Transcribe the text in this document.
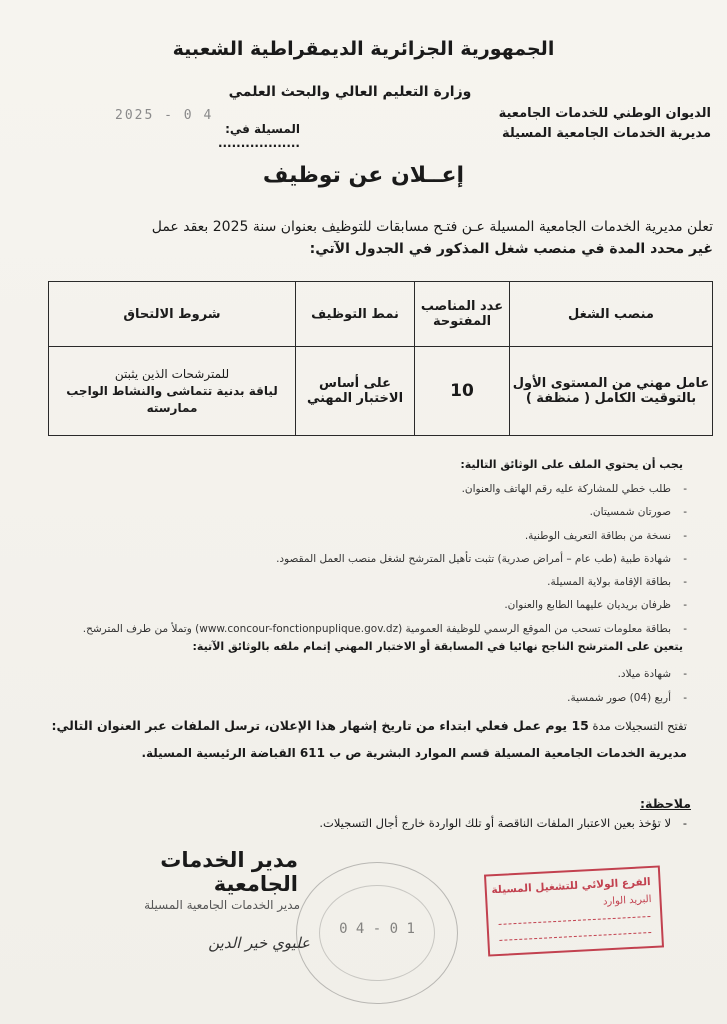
الجمهورية الجزائرية الديمقراطية الشعبية
وزارة التعليم العالي والبحث العلمي
الديوان الوطني للخدمات الجامعية
مديرية الخدمات الجامعية المسيلة
2025 - 0 4
المسيلة في: ..................
إعــلان عن توظيف
تعلن مديرية الخدمات الجامعية المسيلة عـن فتـح مسابقات للتوظيف بعنوان سنة 2025 بعقد عمل
غير محدد المدة في منصب شغل المذكور في الجدول الآتي:
منصب الشغل	عدد المناصب المفتوحة	نمط التوظيف	شروط الالتحاق
عامل مهني من المستوى الأول بالتوقيت الكامل ( منظفة )	10	على أساس الاختبار المهني	للمترشحات الذين يثبتن
لياقة بدنية تتماشى والنشاط الواجب ممارسته
يجب أن يحتوي الملف على الوثائق التالية:
- طلب خطي للمشاركة عليه رقم الهاتف والعنوان.
- صورتان شمسيتان.
- نسخة من بطاقة التعريف الوطنية.
- شهادة طبية (طب عام – أمراض صدرية) تثبت تأهيل المترشح لشغل منصب العمل المقصود.
- بطاقة الإقامة بولاية المسيلة.
- ظرفان بريديان عليهما الطابع والعنوان.
- بطاقة معلومات تسحب من الموقع الرسمي للوظيفة العمومية (www.concour-fonctionpuplique.gov.dz) وتملأ من طرف المترشح.
يتعين على المترشح الناجح نهائيا في المسابقة أو الاختبار المهني إتمام ملفه بالوثائق الآتية:
- شهادة ميلاد.
- أربع (04) صور شمسية.
تفتح التسجيلات مدة 15 يوم عمل فعلي ابتداء من تاريخ إشهار هذا الإعلان، ترسل الملفات عبر العنوان التالي:
مديرية الخدمات الجامعية المسيلة قسم الموارد البشرية ص ب 611 القباضة الرئيسية المسيلة.
ملاحظة:
- لا تؤخذ بعين الاعتبار الملفات الناقصة أو تلك الواردة خارج أجال التسجيلات.
مدير الخدمات الجامعية
مدير الخدمات الجامعية المسيلة
عليوي خير الدين
0 4 - 0 1
الفرع الولائي للتشغيل المسيلة
البريد الوارد
